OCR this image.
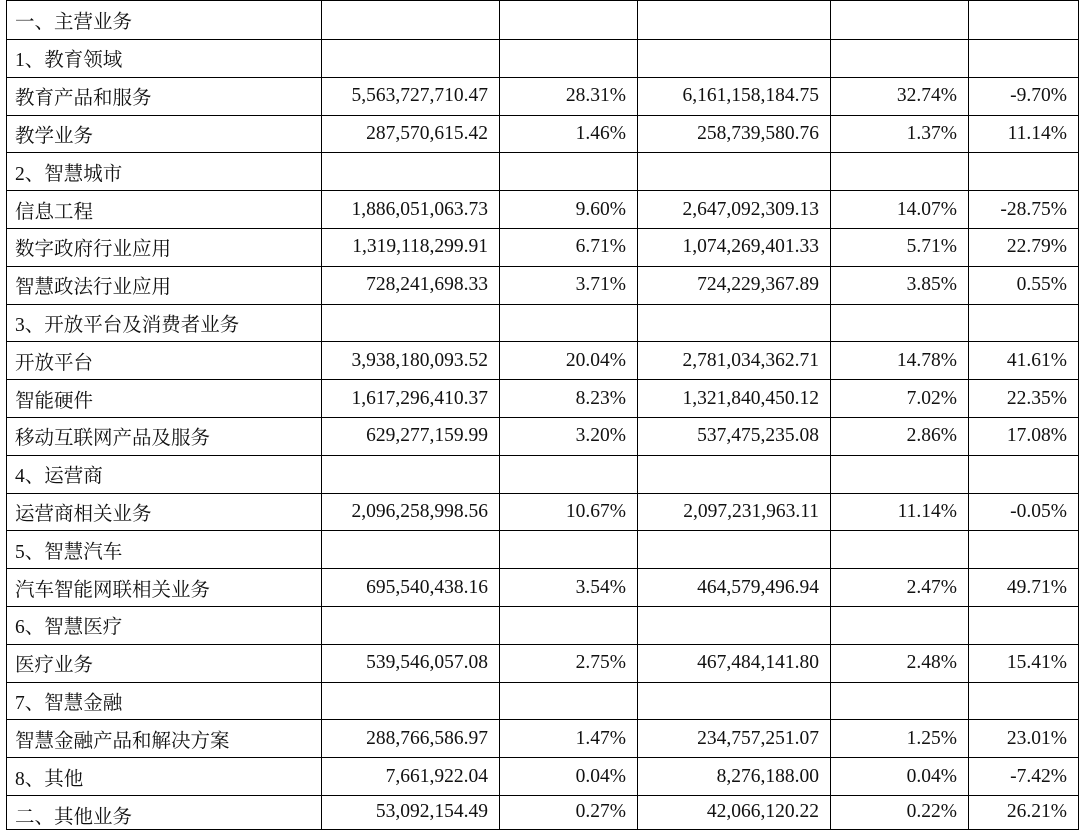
一、主营业务					
1、教育领域					
教育产品和服务	5,563,727,710.47	28.31%	6,161,158,184.75	32.74%	-9.70%
教学业务	287,570,615.42	1.46%	258,739,580.76	1.37%	11.14%
2、智慧城市					
信息工程	1,886,051,063.73	9.60%	2,647,092,309.13	14.07%	-28.75%
数字政府行业应用	1,319,118,299.91	6.71%	1,074,269,401.33	5.71%	22.79%
智慧政法行业应用	728,241,698.33	3.71%	724,229,367.89	3.85%	0.55%
3、开放平台及消费者业务					
开放平台	3,938,180,093.52	20.04%	2,781,034,362.71	14.78%	41.61%
智能硬件	1,617,296,410.37	8.23%	1,321,840,450.12	7.02%	22.35%
移动互联网产品及服务	629,277,159.99	3.20%	537,475,235.08	2.86%	17.08%
4、运营商					
运营商相关业务	2,096,258,998.56	10.67%	2,097,231,963.11	11.14%	-0.05%
5、智慧汽车					
汽车智能网联相关业务	695,540,438.16	3.54%	464,579,496.94	2.47%	49.71%
6、智慧医疗					
医疗业务	539,546,057.08	2.75%	467,484,141.80	2.48%	15.41%
7、智慧金融					
智慧金融产品和解决方案	288,766,586.97	1.47%	234,757,251.07	1.25%	23.01%
8、其他	7,661,922.04	0.04%	8,276,188.00	0.04%	-7.42%
二、其他业务	53,092,154.49	0.27%	42,066,120.22	0.22%	26.21%
